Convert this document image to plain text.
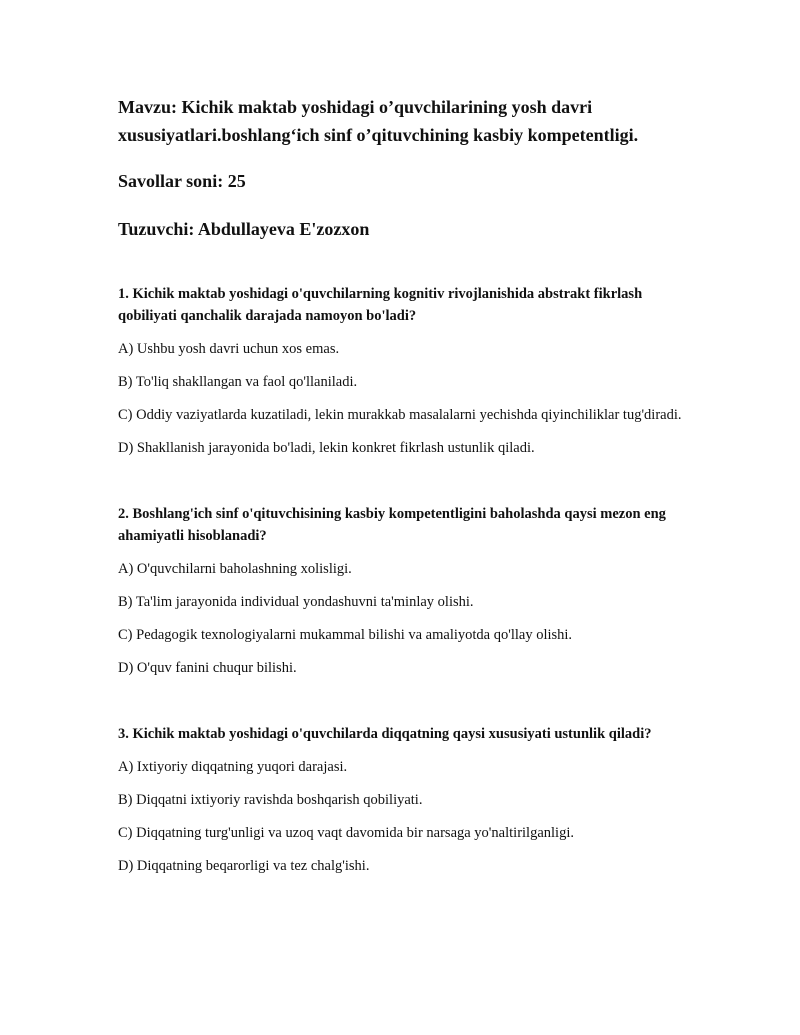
Mavzu: Kichik maktab yoshidagi o’quvchilarining yosh davri xususiyatlari.boshlang‘ich sinf o’qituvchining kasbiy kompetentligi.

Savollar soni: 25

Tuzuvchi: Abdullayeva E'zozxon

1. Kichik maktab yoshidagi o'quvchilarning kognitiv rivojlanishida abstrakt fikrlash qobiliyati qanchalik darajada namoyon bo'ladi?

A) Ushbu yosh davri uchun xos emas.

B) To'liq shakllangan va faol qo'llaniladi.

C) Oddiy vaziyatlarda kuzatiladi, lekin murakkab masalalarni yechishda qiyinchiliklar tug'diradi.

D) Shakllanish jarayonida bo'ladi, lekin konkret fikrlash ustunlik qiladi.

2. Boshlang'ich sinf o'qituvchisining kasbiy kompetentligini baholashda qaysi mezon eng ahamiyatli hisoblanadi?

A) O'quvchilarni baholashning xolisligi.

B) Ta'lim jarayonida individual yondashuvni ta'minlay olishi.

C) Pedagogik texnologiyalarni mukammal bilishi va amaliyotda qo'llay olishi.

D) O'quv fanini chuqur bilishi.

3. Kichik maktab yoshidagi o'quvchilarda diqqatning qaysi xususiyati ustunlik qiladi?

A) Ixtiyoriy diqqatning yuqori darajasi.

B) Diqqatni ixtiyoriy ravishda boshqarish qobiliyati.

C) Diqqatning turg'unligi va uzoq vaqt davomida bir narsaga yo'naltirilganligi.

D) Diqqatning beqarorligi va tez chalg'ishi.
